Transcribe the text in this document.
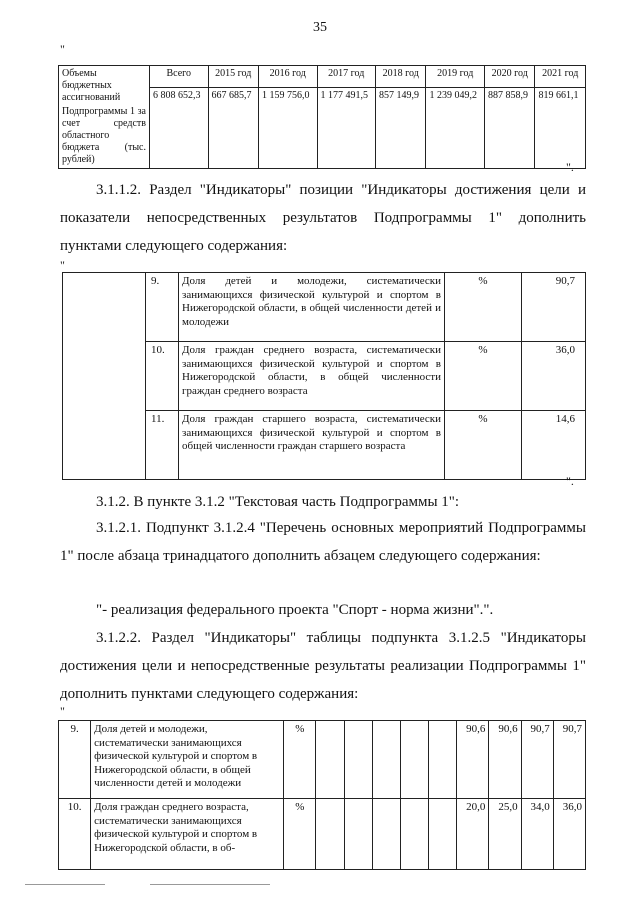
35
"
Объемы бюджетных ассигнований
Подпрограммы 1 за счет средств областного бюджета (тыс. рублей)	Всего	2015 год	2016 год	2017 год	2018 год	2019 год	2020 год	2021 год
	6 808 652,3	667 685,7	1 159 756,0	1 177 491,5	857 149,9	1 239 049,2	887 858,9	819 661,1
".

3.1.1.2. Раздел "Индикаторы" позиции "Индикаторы достижения цели и показатели непосредственных результатов Подпрограммы 1" дополнить пунктами следующего содержания:

"
	9.	Доля детей и молодежи, систематически занимающихся физической культурой и спортом в Нижегородской области, в общей численности детей и молодежи	%	90,7
	10.	Доля граждан среднего возраста, систематически занимающихся физической культурой и спортом в Нижегородской области, в общей численности граждан среднего возраста	%	36,0
	11.	Доля граждан старшего возраста, систематически занимающихся физической культурой и спортом в общей численности граждан старшего возраста	%	14,6
".

3.1.2. В пункте 3.1.2 "Текстовая часть Подпрограммы 1":

3.1.2.1. Подпункт 3.1.2.4 "Перечень основных мероприятий Подпрограммы 1" после абзаца тринадцатого дополнить абзацем следующего содержания:

"- реализация федерального проекта "Спорт - норма жизни".".

3.1.2.2. Раздел "Индикаторы" таблицы подпункта 3.1.2.5 "Индикаторы достижения цели и непосредственные результаты реализации Подпрограммы 1" дополнить пунктами следующего содержания:

"
9.	Доля детей и молодежи, систематически занимающихся физической культурой и спортом в Нижегородской области, в общей численности детей и молодежи	%						90,6	90,6	90,7	90,7
10.	Доля граждан среднего возраста, систематически занимающихся физической культурой и спортом в Нижегородской области, в об-	%						20,0	25,0	34,0	36,0
